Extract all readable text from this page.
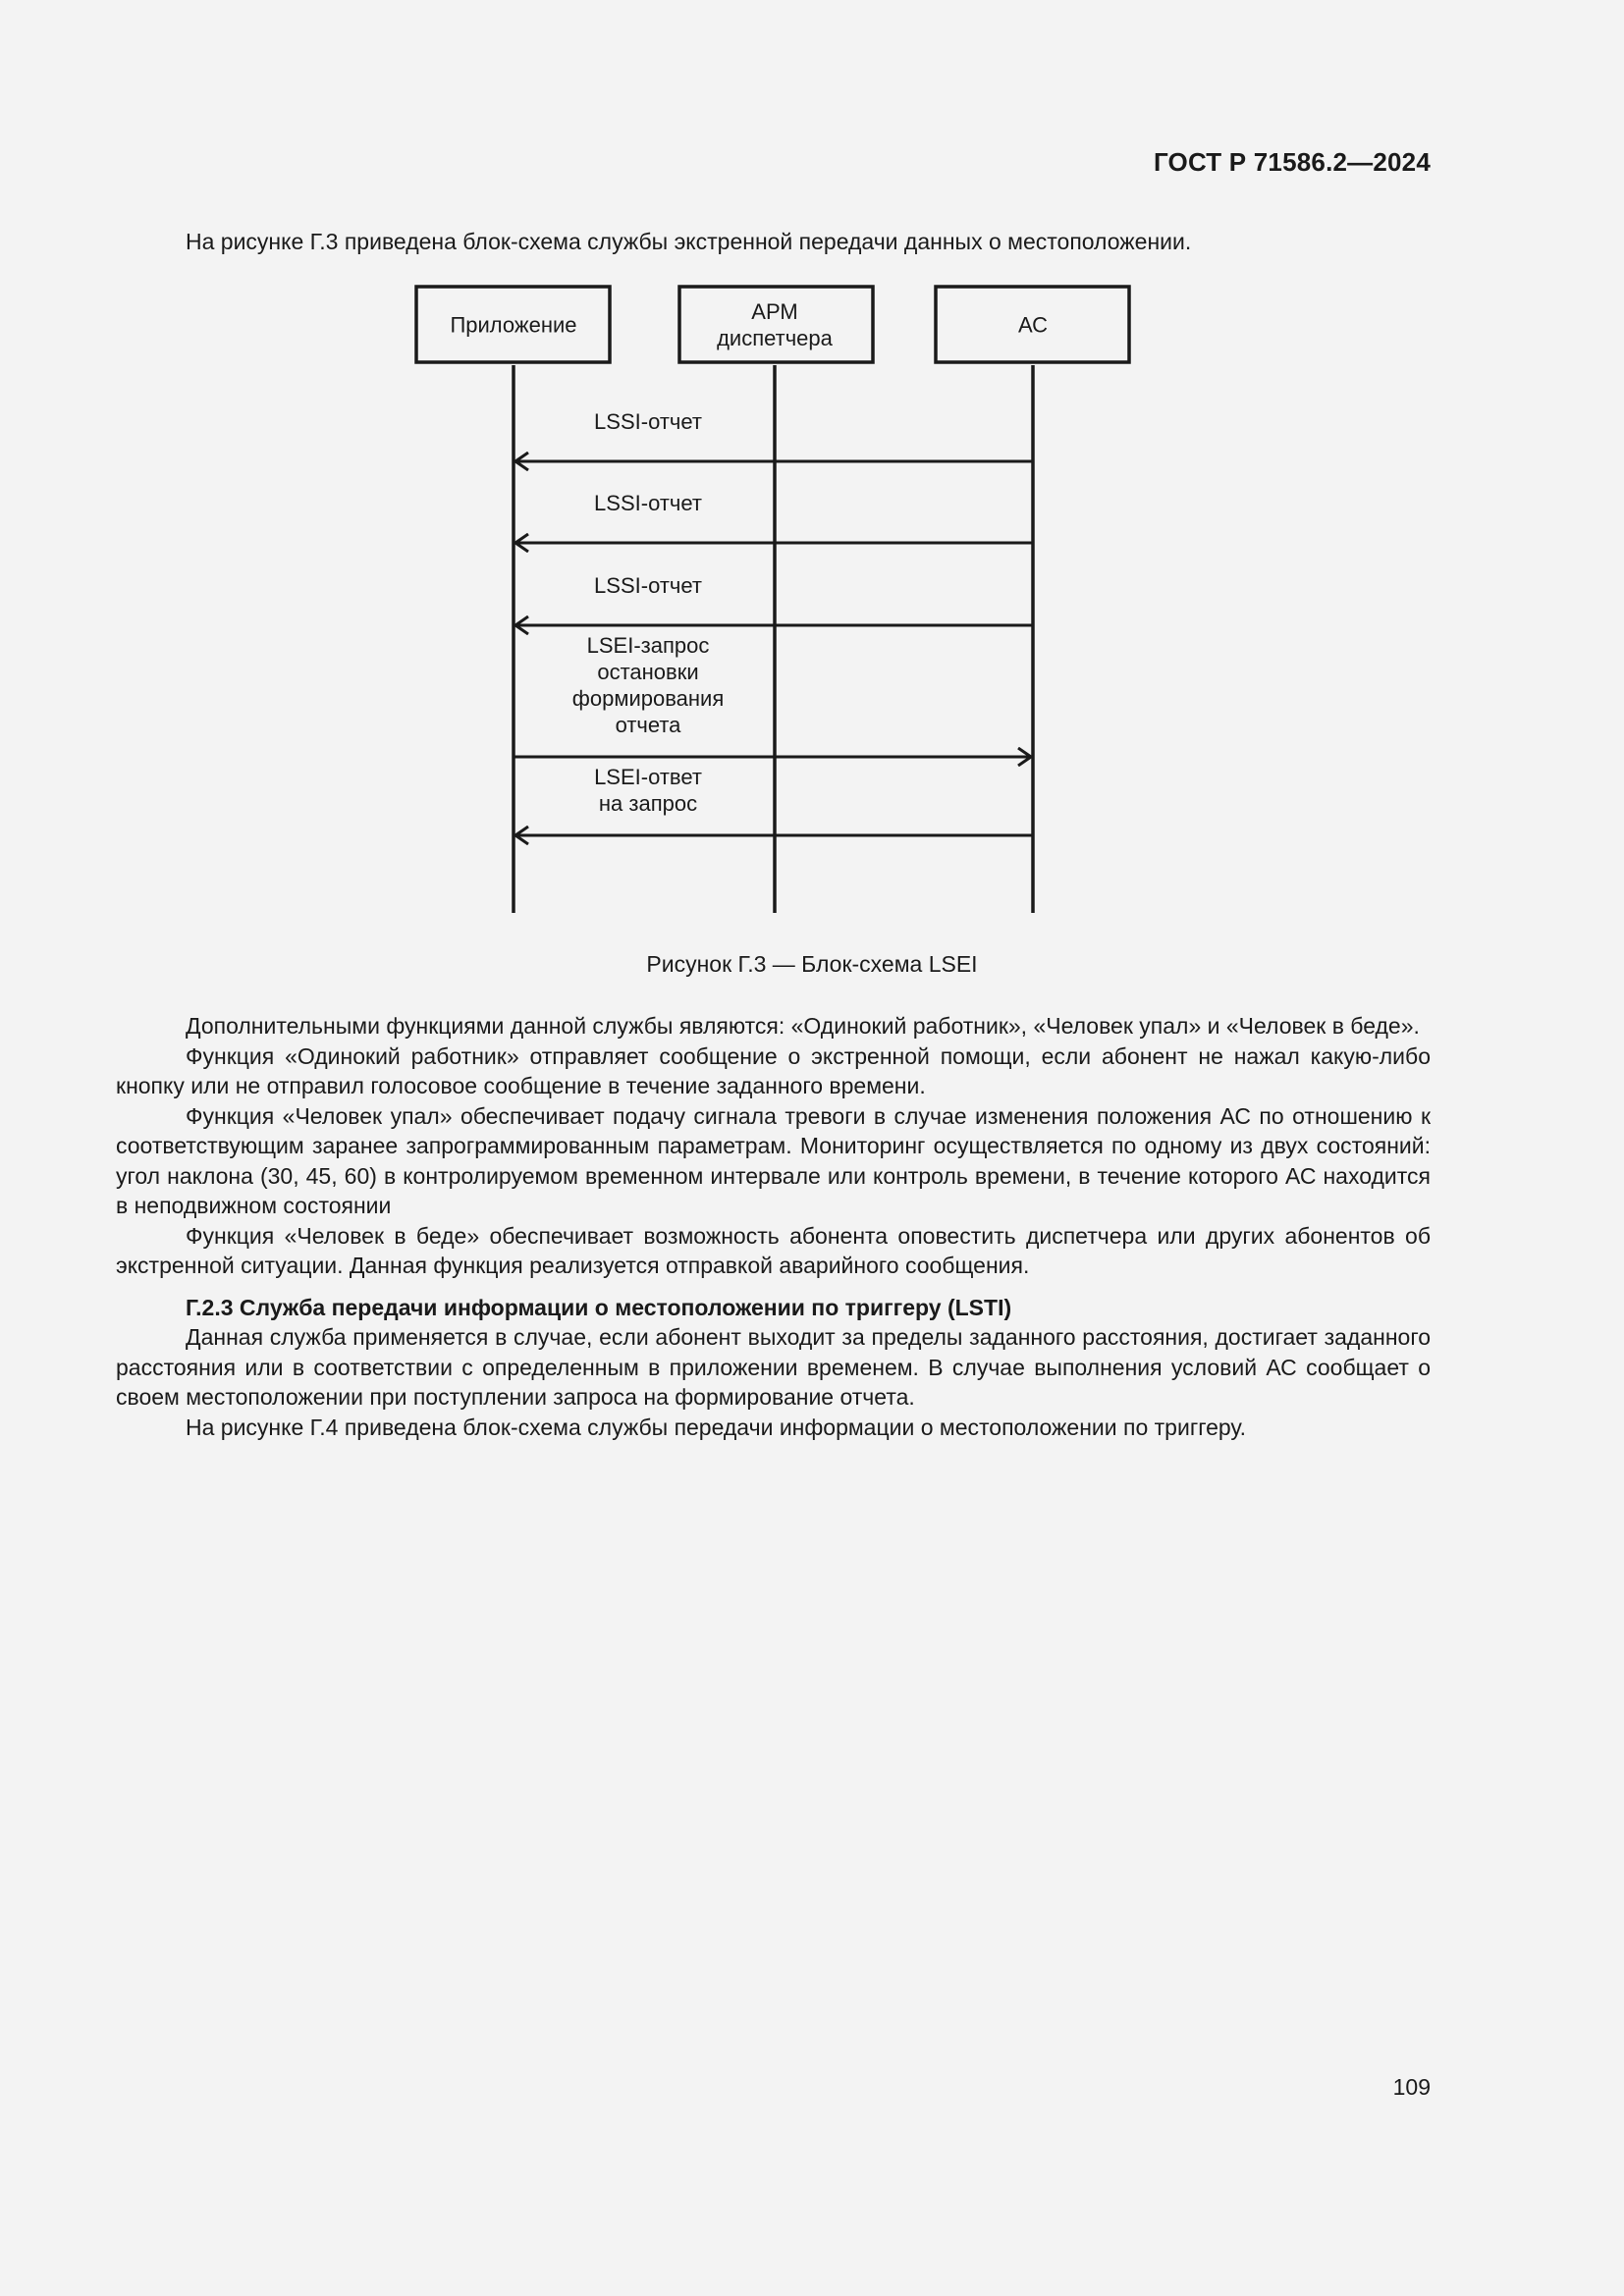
ГОСТ Р 71586.2—2024
На рисунке Г.3 приведена блок-схема службы экстренной передачи данных о местоположении.
Приложение
АРМ
диспетчера
АС
LSSI-отчет
LSSI-отчет
LSSI-отчет
LSEI-запрос
остановки
формирования
отчета
LSEI-ответ
на запрос
Рисунок Г.3 — Блок-схема LSEI

Дополнительными функциями данной службы являются: «Одинокий работник», «Человек упал» и «Человек в беде».

Функция «Одинокий работник» отправляет сообщение о экстренной помощи, если абонент не нажал какую-либо кнопку или не отправил голосовое сообщение в течение заданного времени.

Функция «Человек упал» обеспечивает подачу сигнала тревоги в случае изменения положения АС по отношению к соответствующим заранее запрограммированным параметрам. Мониторинг осуществляется по одному из двух состояний: угол наклона (30, 45, 60) в контролируемом временном интервале или контроль времени, в течение которого АС находится в неподвижном состоянии

Функция «Человек в беде» обеспечивает возможность абонента оповестить диспетчера или других абонентов об экстренной ситуации. Данная функция реализуется отправкой аварийного сообщения.

Г.2.3 Служба передачи информации о местоположении по триггеру (LSTI)

Данная служба применяется в случае, если абонент выходит за пределы заданного расстояния, достигает заданного расстояния или в соответствии с определенным в приложении временем. В случае выполнения условий АС сообщает о своем местоположении при поступлении запроса на формирование отчета.

На рисунке Г.4 приведена блок-схема службы передачи информации о местоположении по триггеру.

109
